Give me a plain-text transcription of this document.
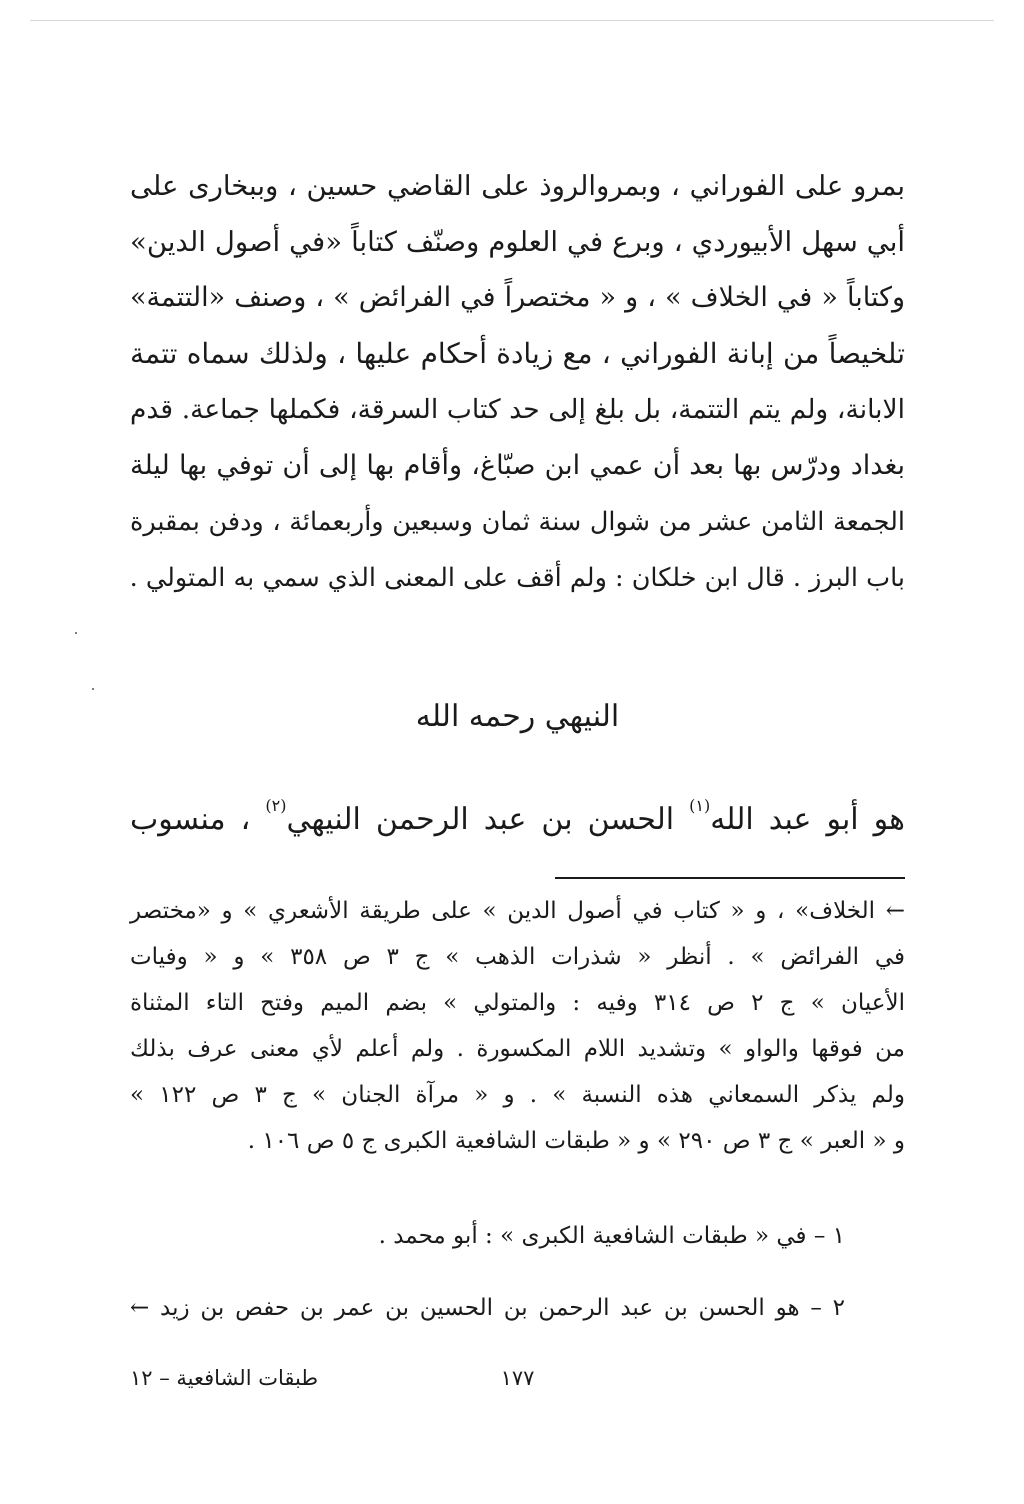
بمرو على الفوراني ، وبمروالروذ على القاضي حسين ، وببخارى على
أبي سهل الأبيوردي ، وبرع في العلوم وصنّف كتاباً «في أصول الدين»
وكتاباً « في الخلاف » ، و « مختصراً في الفرائض » ، وصنف «التتمة»
تلخيصاً من إبانة الفوراني ، مع زيادة أحكام عليها ، ولذلك سماه تتمة
الابانة، ولم يتم التتمة، بل بلغ إلى حد كتاب السرقة، فكملها جماعة. قدم
بغداد ودرّس بها بعد أن عمي ابن صبّاغ، وأقام بها إلى أن توفي بها ليلة
الجمعة الثامن عشر من شوال سنة ثمان وسبعين وأربعمائة ، ودفن بمقبرة
باب البرز . قال ابن خلكان : ولم أقف على المعنى الذي سمي به المتولي .
النيهي رحمه الله
هو أبو عبد الله$^{(١)}$ الحسن بن عبد الرحمن النيهي$^{(٢)}$ ، منسوب
← الخلاف» ، و « كتاب في أصول الدين » على طريقة الأشعري » و «مختصر
في الفرائض » . أنظر « شذرات الذهب » ج ٣ ص ٣٥٨ » و « وفيات
الأعيان » ج ٢ ص ٣١٤ وفيه : والمتولي » بضم الميم وفتح التاء المثناة
من فوقها والواو » وتشديد اللام المكسورة . ولم أعلم لأي معنى عرف بذلك
ولم يذكر السمعاني هذه النسبة » . و « مرآة الجنان » ج ٣ ص ١٢٢ »
و « العبر » ج ٣ ص ٢٩٠ » و « طبقات الشافعية الكبرى ج ٥ ص ١٠٦ .
١ – في « طبقات الشافعية الكبرى » : أبو محمد .
٢ – هو الحسن بن عبد الرحمن بن الحسين بن عمر بن حفص بن زيد ←
١٧٧
طبقات الشافعية – ١٢
